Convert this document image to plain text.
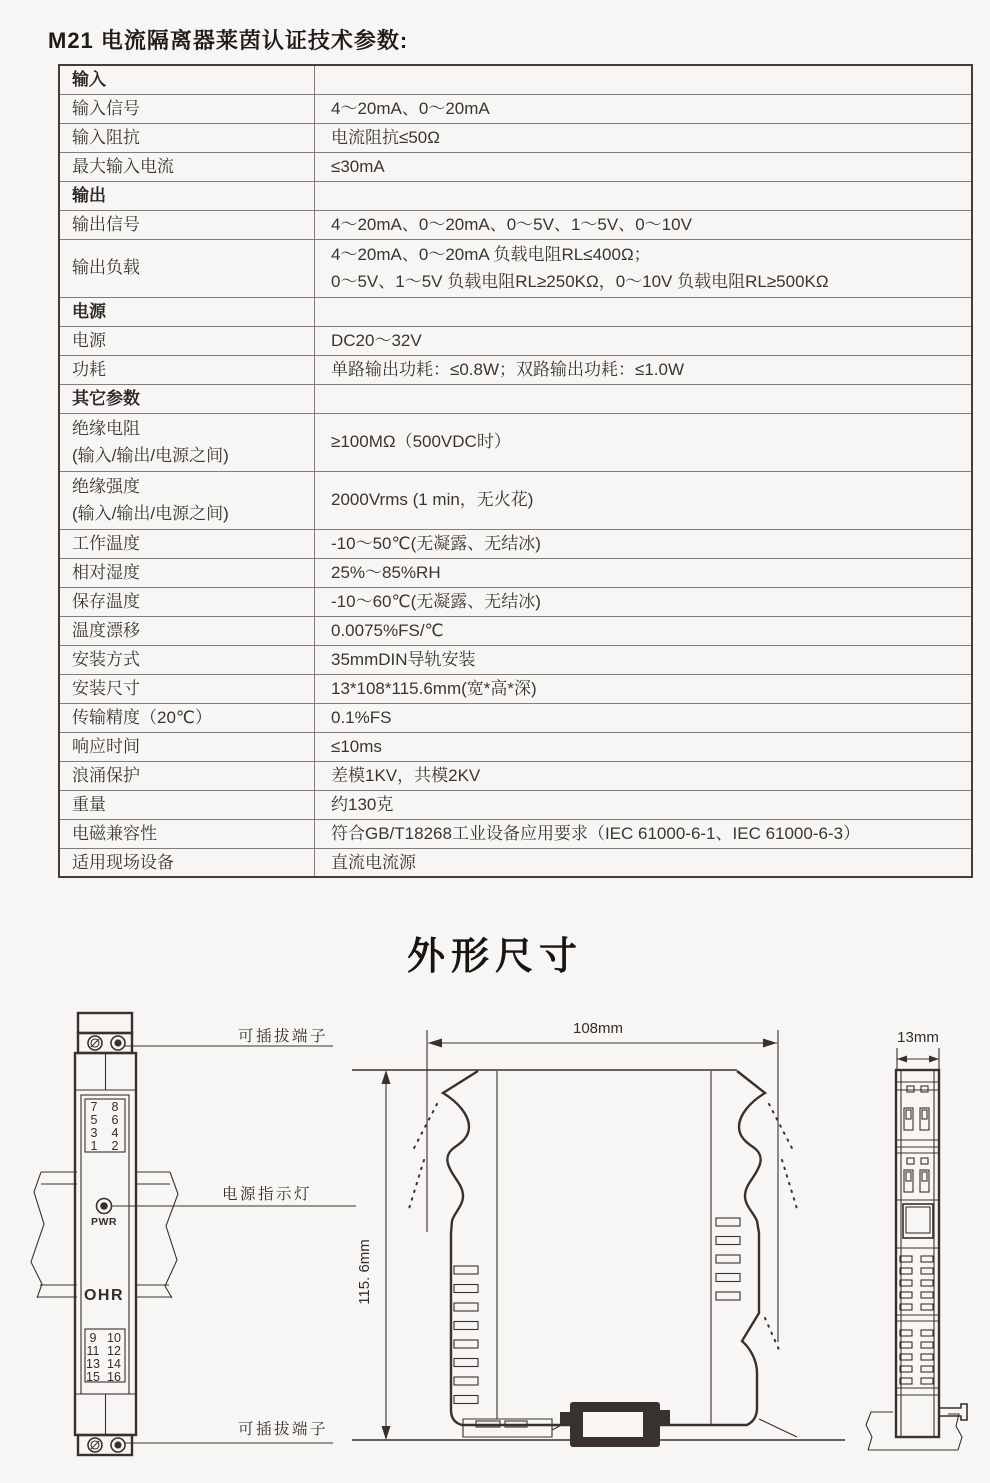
M21 电流隔离器莱茵认证技术参数:
输入	

输入信号	4～20mA、0～20mA

输入阻抗	电流阻抗≤50Ω

最大输入电流	≤30mA

输出	

输出信号	4～20mA、0～20mA、0～5V、1～5V、0～10V

输出负载	4～20mA、0～20mA 负载电阻RL≤400Ω；
0～5V、1～5V 负载电阻RL≥250KΩ，0～10V 负载电阻RL≥500KΩ

电源	

电源	DC20～32V

功耗	单路输出功耗：≤0.8W；双路输出功耗：≤1.0W

其它参数	

绝缘电阻
(输入/输出/电源之间)	≥100MΩ（500VDC时）

绝缘强度
(输入/输出/电源之间)	2000Vrms (1 min，无火花)

工作温度	-10～50℃(无凝露、无结冰)

相对湿度	25%～85%RH

保存温度	-10～60℃(无凝露、无结冰)

温度漂移	0.0075%FS/℃

安装方式	35mmDIN导轨安装

安装尺寸	13*108*115.6mm(宽*高*深)

传输精度（20℃）	0.1%FS

响应时间	≤10ms

浪涌保护	差模1KV，共模2KV

重量	约130克

电磁兼容性	符合GB/T18268工业设备应用要求（IEC 61000-6-1、IEC 61000-6-3）

适用现场设备	直流电流源
外形尺寸
7 8
5 6
3 4
1 2
PWR
OHR
9 10
11 12
13 14
15 16
可插拔端子
电源指示灯
可插拔端子
108mm
115. 6mm
13mm
